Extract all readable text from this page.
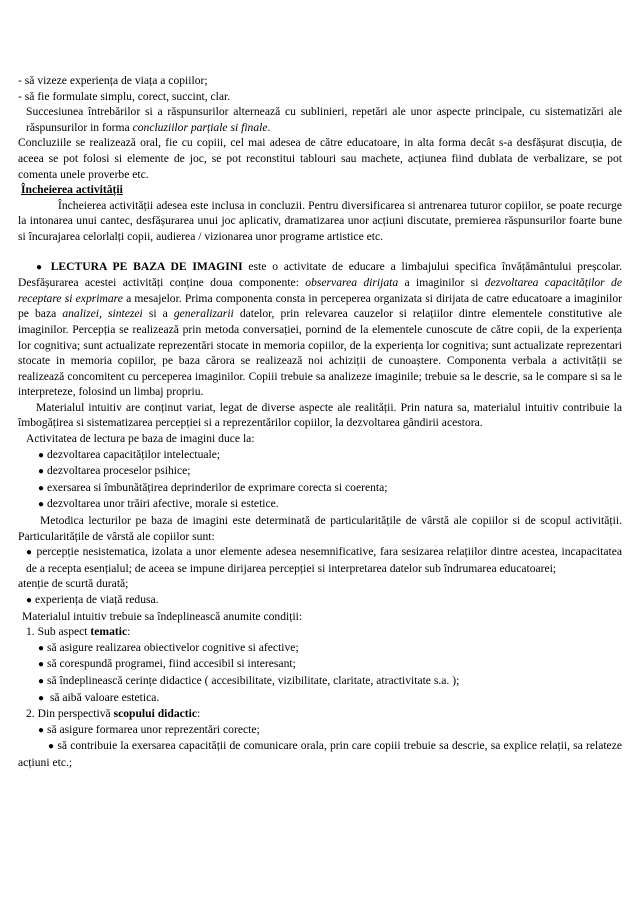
- să vizeze experiența de viața a copiilor;

- să fie formulate simplu, corect, succint, clar.

Succesiunea întrebărilor si a răspunsurilor alternează cu sublinieri, repetări ale unor aspecte principale, cu sistematizări ale răspunsurilor in forma concluziilor parțiale si finale.

Concluziile se realizează oral, fie cu copiii, cel mai adesea de către educatoare, in alta forma decât s-a desfășurat discuția, de aceea se pot folosi si elemente de joc, se pot reconstitui tablouri sau machete, acțiunea fiind dublata de verbalizare, se pot comenta unele proverbe etc.

Încheierea activității

Încheierea activității adesea este inclusa in concluzii. Pentru diversificarea si antrenarea tuturor copiilor, se poate recurge la intonarea unui cantec, desfășurarea unui joc aplicativ, dramatizarea unor acțiuni discutate, premierea răspunsurilor foarte bune si încurajarea celorlalți copii, audierea / vizionarea unor programe artistice etc.

● LECTURA PE BAZA DE IMAGINI este o activitate de educare a limbajului specifica învățământului preșcolar. Desfășurarea acestei activități conține doua componente: observarea dirijata a imaginilor si dezvoltarea capacităților de receptare si exprimare a mesajelor. Prima componenta consta in perceperea organizata si dirijata de catre educatoare a imaginilor pe baza analizei, sintezei si a generalizarii datelor, prin relevarea cauzelor si relațiilor dintre elementele constitutive ale imaginilor. Percepția se realizează prin metoda conversației, pornind de la elementele cunoscute de către copii, de la experiența lor cognitiva; sunt actualizate reprezentări stocate in memoria copiilor, de la experiența lor cognitiva; sunt actualizate reprezentari stocate in memoria copiilor, pe baza cărora se realizează noi achiziții de cunoaștere. Componenta verbala a activității se realizează concomitent cu perceperea imaginilor. Copiii trebuie sa analizeze imaginile; trebuie sa le descrie, sa le compare si sa le interpreteze, folosind un limbaj propriu.

Materialul intuitiv are conținut variat, legat de diverse aspecte ale realității. Prin natura sa, materialul intuitiv contribuie la îmbogățirea si sistematizarea percepției si a reprezentărilor copiilor, la dezvoltarea gândirii acestora.

Activitatea de lectura pe baza de imagini duce la:

● dezvoltarea capacităților intelectuale;

● dezvoltarea proceselor psihice;

● exersarea si îmbunătățirea deprinderilor de exprimare corecta si coerenta;

● dezvoltarea unor trăiri afective, morale si estetice.

Metodica lecturilor pe baza de imagini este determinată de particularitățile de vârstă ale copiilor si de scopul activității. Particularitățile de vârstă ale copiilor sunt:

● percepție nesistematica, izolata a unor elemente adesea nesemnificative, fara sesizarea relațiilor dintre acestea, incapacitatea de a recepta esențialul; de aceea se impune dirijarea percepției si interpretarea datelor sub îndrumarea educatoarei;

atenție de scurtă durată;

● experiența de viață redusa.

Materialul intuitiv trebuie sa îndeplinească anumite condiții:

1. Sub aspect tematic:

● să asigure realizarea obiectivelor cognitive si afective;

● să corespundă programei, fiind accesibil si interesant;

● să îndeplinească cerințe didactice ( accesibilitate, vizibilitate, claritate, atractivitate s.a. );

● să aibă valoare estetica.

2. Din perspectivă scopului didactic:

● să asigure formarea unor reprezentări corecte;

● să contribuie la exersarea capacității de comunicare orala, prin care copiii trebuie sa descrie, sa explice relații, sa relateze acțiuni etc.;
